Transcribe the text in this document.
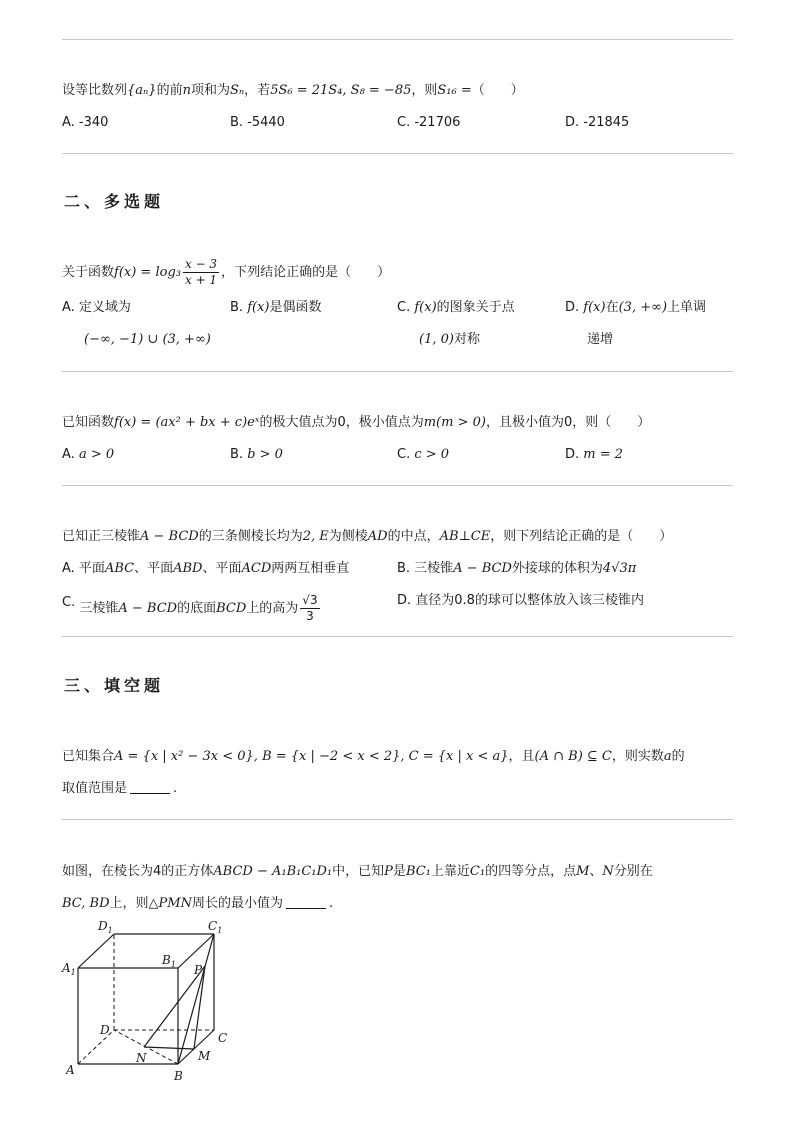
设等比数列{aₙ}的前n项和为Sₙ，若5S₆ = 21S₄, S₈ = −85，则S₁₆ =（　　）
A. -340	B. -5440	C. -21706	D. -21845
二、多选题
关于函数$f(x) = \log_3 \frac{x - 3}{x + 1}$ ，下列结论正确的是（　　）
A. 定义域为
(−∞, −1) ∪ (3, +∞)
B. f(x)是偶函数	C. f(x)的图象关于点
(1, 0)对称
D. f(x)在(3, +∞)上单调
递增
已知函数f(x) = (ax² + bx + c)eˣ的极大值点为0，极小值点为m(m > 0)，且极小值为0，则（　　）
A. a > 0	B. b > 0	C. c > 0	D. m = 2
已知正三棱锥A − BCD的三条侧棱长均为2, E为侧棱AD的中点，AB⊥CE，则下列结论正确的是（　　）
A. 平面ABC、平面ABD、平面ACD两两互相垂直	B. 三棱锥A − BCD外接球的体积为4√3π
C. 三棱锥A − BCD的底面BCD上的高为 $\frac{√3}{3}$	D. 直径为0.8的球可以整体放入该三棱锥内
三、填空题
已知集合A = {x | x² − 3x < 0}, B = {x | −2 < x < 2}, C = {x | x < a}，且(A ∩ B) ⊆ C，则实数a的
取值范围是	.
如图，在棱长为4的正方体ABCD − A₁B₁C₁D₁中，已知P是BC₁上靠近C₁的四等分点，点M、N分别在
BC, BD上，则△PMN周长的最小值为	.
$D_1$	$C_1$
$A_1$
$B_1$ P
D
C
N	M
A	B
